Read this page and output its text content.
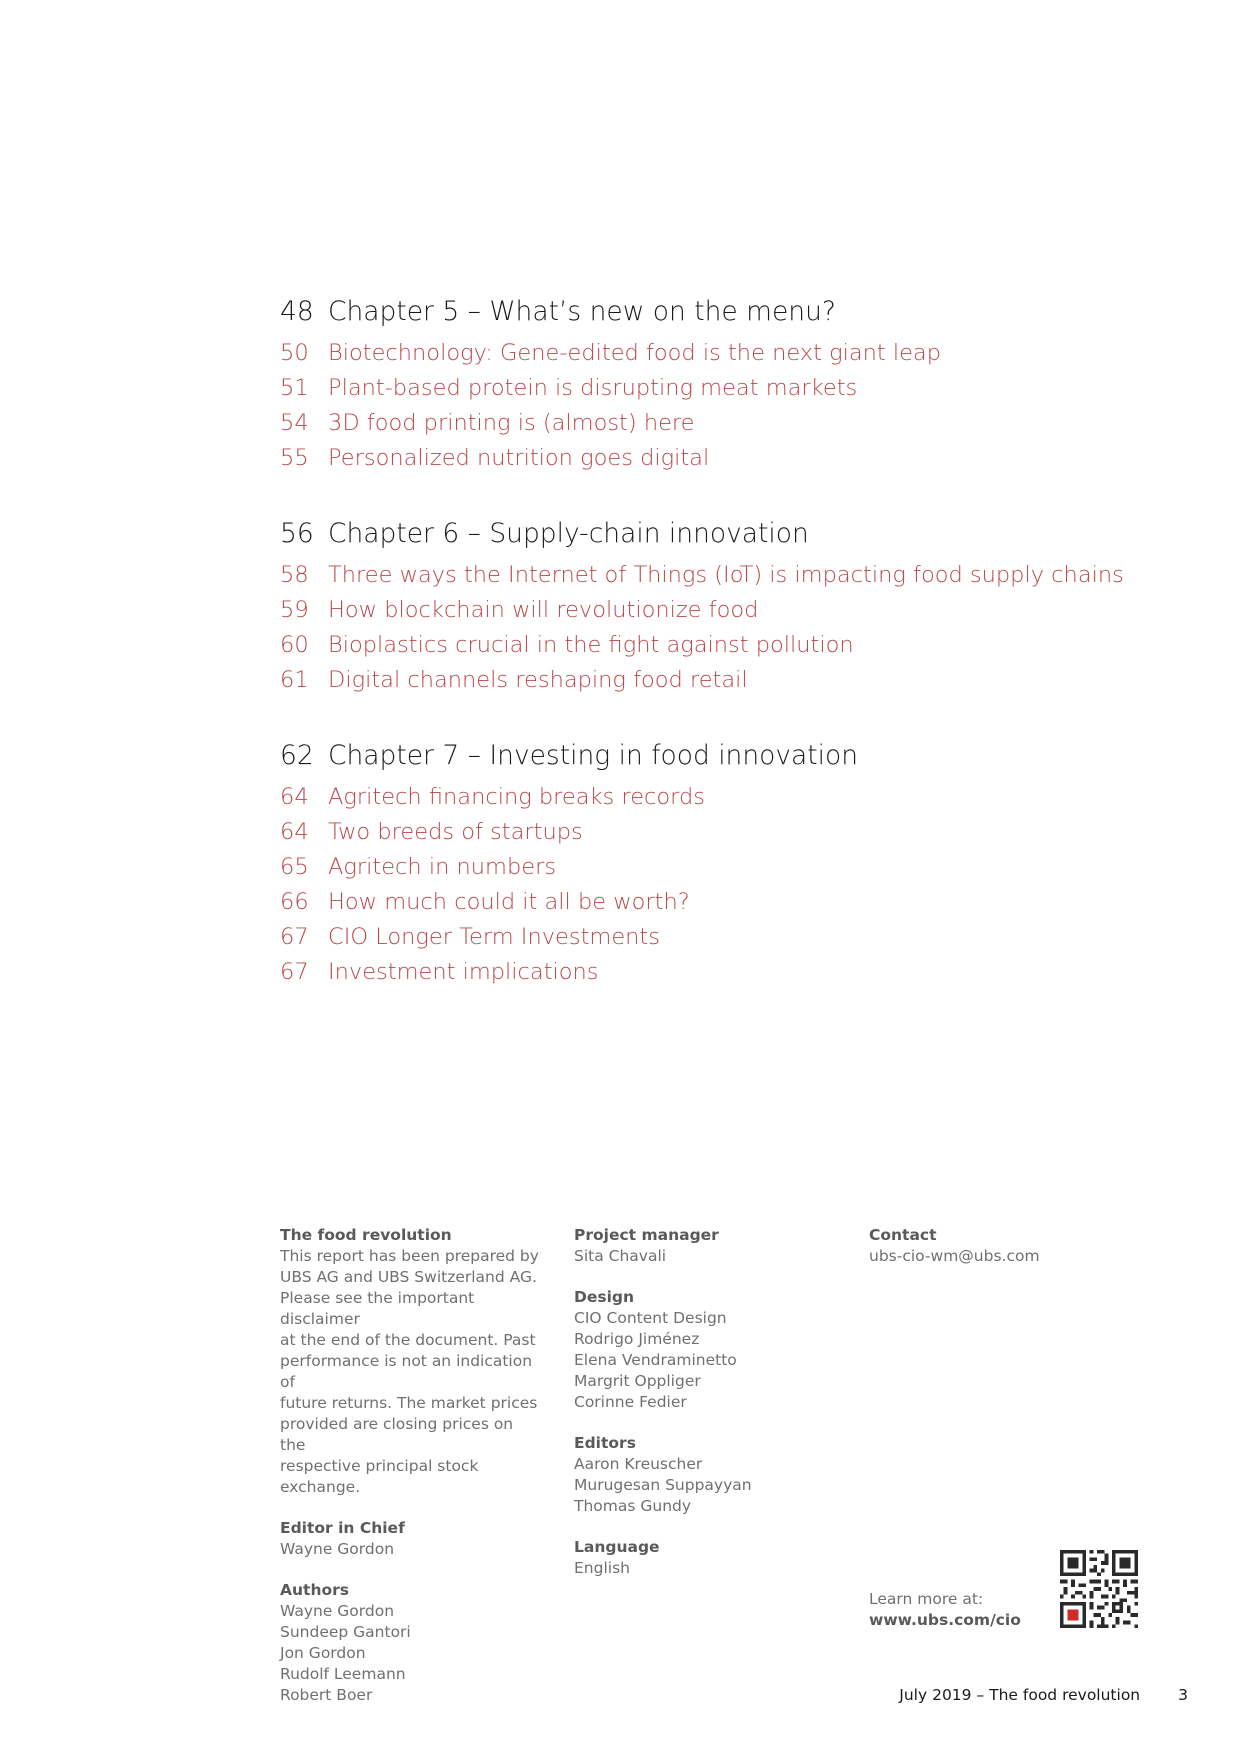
48 Chapter 5 – What’s new on the menu?
50 Biotechnology: Gene-edited food is the next giant leap
51 Plant-based protein is disrupting meat markets
54 3D food printing is (almost) here
55 Personalized nutrition goes digital
56 Chapter 6 – Supply-chain innovation
58 Three ways the Internet of Things (IoT) is impacting food supply chains
59 How blockchain will revolutionize food
60 Bioplastics crucial in the fight against pollution
61 Digital channels reshaping food retail
62 Chapter 7 – Investing in food innovation
64 Agritech financing breaks records
64 Two breeds of startups
65 Agritech in numbers
66 How much could it all be worth?
67 CIO Longer Term Investments
67 Investment implications
The food revolution
This report has been prepared by
UBS AG and UBS Switzerland AG.
Please see the important disclaimer
at the end of the document. Past
performance is not an indication of
future returns. The market prices
provided are closing prices on the
respective principal stock exchange.
Editor in Chief
Wayne Gordon
Authors
Wayne Gordon
Sundeep Gantori
Jon Gordon
Rudolf Leemann
Robert Boer
Project manager
Sita Chavali
Design
CIO Content Design
Rodrigo Jiménez
Elena Vendraminetto
Margrit Oppliger
Corinne Fedier
Editors
Aaron Kreuscher
Murugesan Suppayyan
Thomas Gundy
Language
English
Contact
ubs-cio-wm@ubs.com
Learn more at:
www.ubs.com/cio
July 2019 – The food revolution 3
